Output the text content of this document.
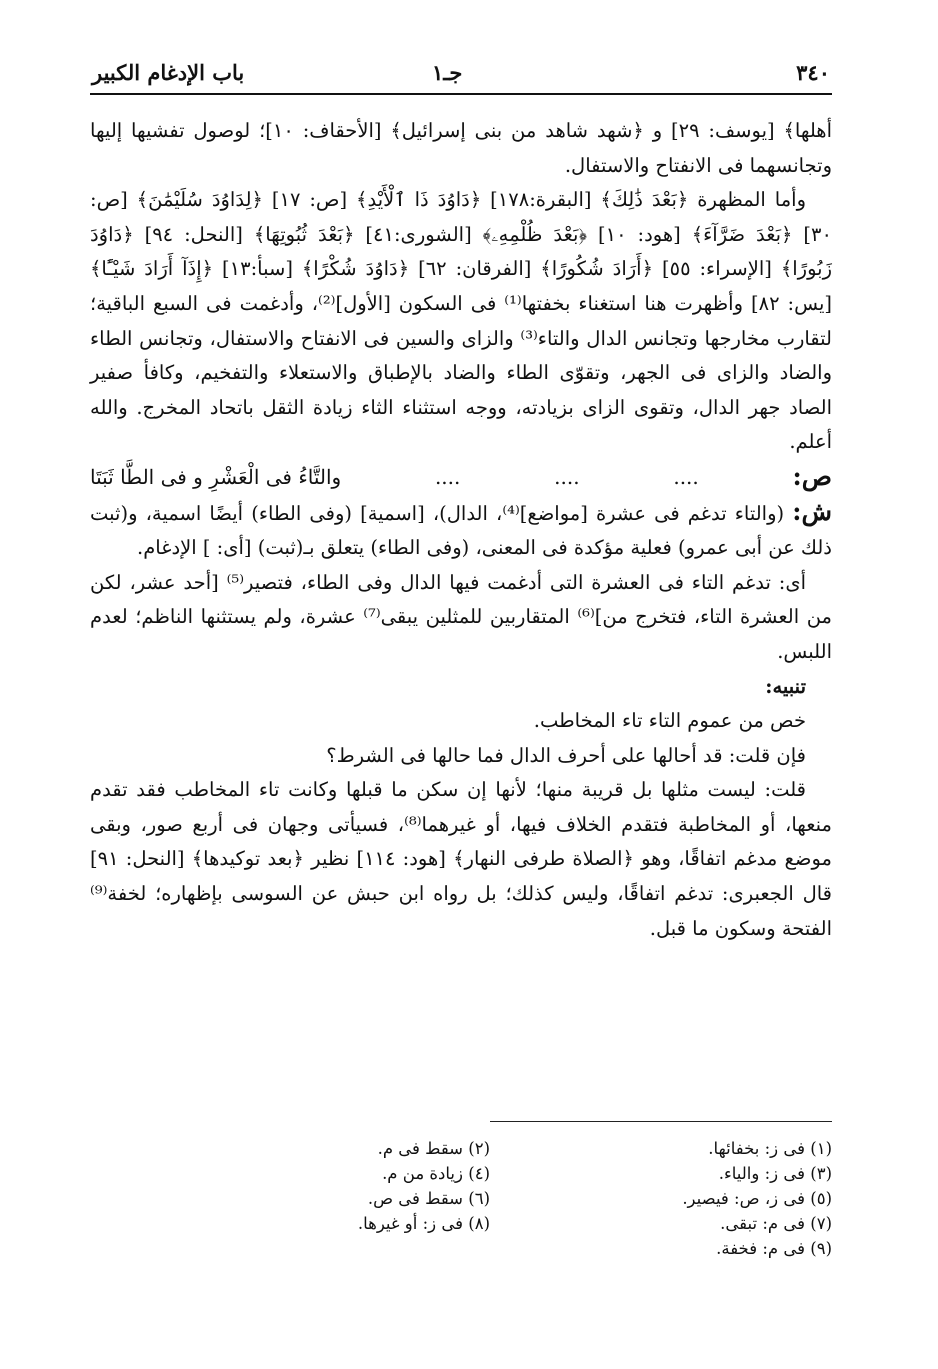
٣٤٠
جـ١
باب الإدغام الكبير

أهلها﴾ [يوسف: ٢٩] و ﴿شهد شاهد من بنى إسرائيل﴾ [الأحقاف: ١٠]؛ لوصول تفشيها إليها وتجانسهما فى الانفتاح والاستفال.

وأما المظهرة ﴿بَعْدَ ذَٰلِكَ﴾ [البقرة:١٧٨] ﴿دَاوُدَ ذَا ٱلْأَيْدِ﴾ [ص: ١٧] ﴿لِدَاوُدَ سُلَيْمَٰنَ﴾ [ص: ٣٠] ﴿بَعْدَ ضَرَّآءَ﴾ [هود: ١٠] ﴿بَعْدَ ظُلْمِهِۦ﴾ [الشورى:٤١] ﴿بَعْدَ ثُبُوتِهَا﴾ [النحل: ٩٤] ﴿دَاوُدَ زَبُورًا﴾ [الإسراء: ٥٥] ﴿أَرَادَ شُكُورًا﴾ [الفرقان: ٦٢] ﴿دَاوُدَ شُكْرًا﴾ [سبأ:١٣] ﴿إِذَآ أَرَادَ شَيْـًٔا﴾ [يس: ٨٢] وأظهرت هنا استغناء بخفتها⁽¹⁾ فى السكون [الأول]⁽²⁾، وأدغمت فى السبع الباقية؛ لتقارب مخارجها وتجانس الدال والتاء⁽³⁾ والزاى والسين فى الانفتاح والاستفال، وتجانس الطاء والضاد والزاى فى الجهر، وتقوّى الطاء والضاد بالإطباق والاستعلاء والتفخيم، وكافأ صفير الصاد جهر الدال، وتقوى الزاى بزيادته، ووجه استثناء الثاء زيادة الثقل باتحاد المخرج. والله أعلم.

ص:
....
....
....
والتَّاءُ فى الْعَشْرِ و فى الطَّا ثَبَتَا

ش: (والتاء تدغم فى عشرة [مواضع]⁽⁴⁾، الدال)، [اسمية] (وفى الطاء) أيضًا اسمية، و(ثبت ذلك عن أبى عمرو) فعلية مؤكدة فى المعنى، (وفى الطاء) يتعلق بـ(ثبت) [أى: ] الإدغام.

أى: تدغم التاء فى العشرة التى أدغمت فيها الدال وفى الطاء، فتصير⁽⁵⁾ [أحد عشر، لكن من العشرة التاء، فتخرج من]⁽⁶⁾ المتقاربين للمثلين يبقى⁽⁷⁾ عشرة، ولم يستثنها الناظم؛ لعدم اللبس.

تنبيه:

خص من عموم التاء تاء المخاطب.

فإن قلت: قد أحالها على أحرف الدال فما حالها فى الشرط؟

قلت: ليست مثلها بل قريبة منها؛ لأنها إن سكن ما قبلها وكانت تاء المخاطب فقد تقدم منعها، أو المخاطبة فتقدم الخلاف فيها، أو غيرهما⁽⁸⁾، فسيأتى وجهان فى أربع صور، وبقى موضع مدغم اتفاقًا، وهو ﴿الصلاة طرفى النهار﴾ [هود: ١١٤] نظير ﴿بعد توكيدها﴾ [النحل: ٩١] قال الجعبرى: تدغم اتفاقًا، وليس كذلك؛ بل رواه ابن حبش عن السوسى بإظهاره؛ لخفة⁽⁹⁾ الفتحة وسكون ما قبل.

(١) فى ز: بخفائها.
(٣) فى ز: والياء.
(٥) فى ز، ص: فيصير.
(٧) فى م: تبقى.
(٩) فى م: فخفة.
(٢) سقط فى م.
(٤) زيادة من م.
(٦) سقط فى ص.
(٨) فى ز: أو غيرها.
